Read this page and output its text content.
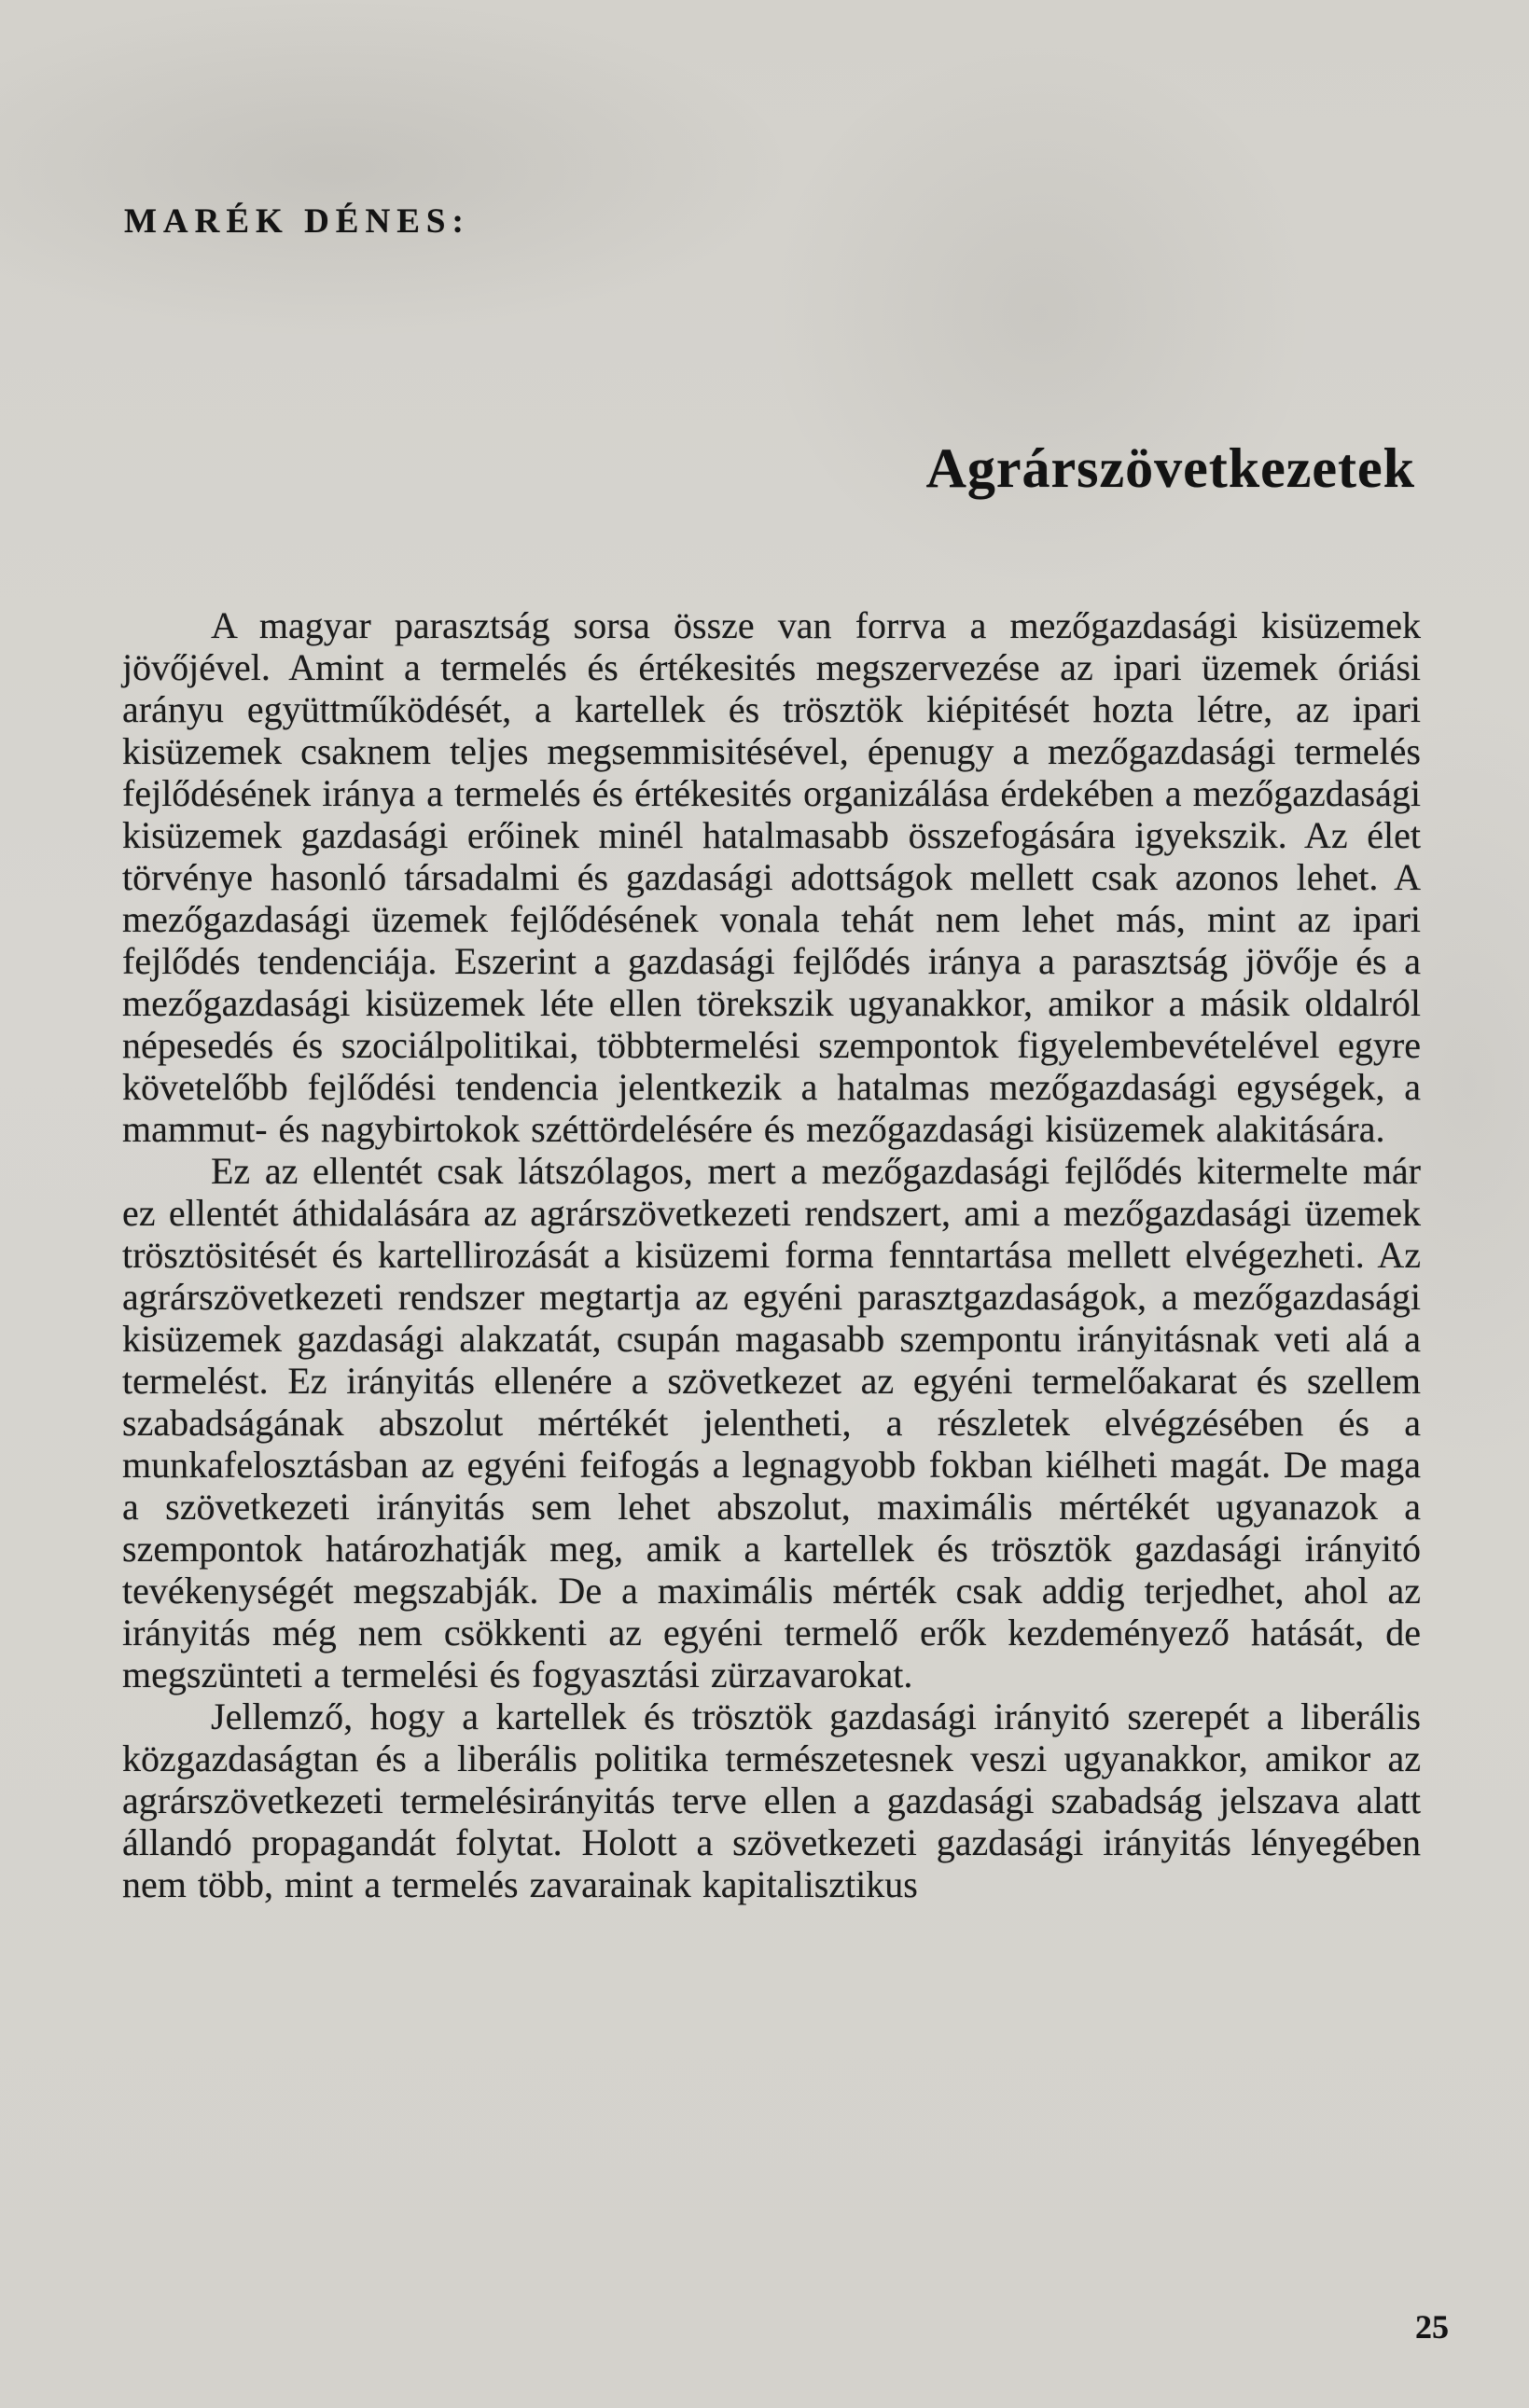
MARÉK DÉNES:
Agrárszövetkezetek

A magyar parasztság sorsa össze van forrva a mezőgazdasági kisüzemek jövőjével. Amint a termelés és értékesités megszervezése az ipari üzemek óriási arányu együttműködését, a kartellek és trösztök kiépitését hozta létre, az ipari kisüzemek csaknem teljes megsemmisitésével, épenugy a mezőgazdasági termelés fejlődésének iránya a termelés és értékesités organizálása érdekében a mezőgazdasági kisüzemek gazdasági erőinek minél hatalmasabb összefogására igyekszik. Az élet törvénye hasonló társadalmi és gazdasági adottságok mellett csak azonos lehet. A mezőgazdasági üzemek fejlődésének vonala tehát nem lehet más, mint az ipari fejlődés tendenciája. Eszerint a gazdasági fejlődés iránya a parasztság jövője és a mezőgazdasági kisüzemek léte ellen törekszik ugyanakkor, amikor a másik oldalról népesedés és szociálpolitikai, többtermelési szempontok figyelembevételével egyre követelőbb fejlődési tendencia jelentkezik a hatalmas mezőgazdasági egységek, a mammut- és nagybirtokok széttördelésére és mezőgazdasági kisüzemek alakitására.

Ez az ellentét csak látszólagos, mert a mezőgazdasági fejlődés kitermelte már ez ellentét áthidalására az agrárszövetkezeti rendszert, ami a mezőgazdasági üzemek trösztösitését és kartellirozását a kisüzemi forma fenntartása mellett elvégezheti. Az agrárszövetkezeti rendszer megtartja az egyéni parasztgazdaságok, a mezőgazdasági kisüzemek gazdasági alakzatát, csupán magasabb szempontu irányitásnak veti alá a termelést. Ez irányitás ellenére a szövetkezet az egyéni termelőakarat és szellem szabadságának abszolut mértékét jelentheti, a részletek elvégzésében és a munkafelosztásban az egyéni feifogás a legnagyobb fokban kiélheti magát. De maga a szövetkezeti irányitás sem lehet abszolut, maximális mértékét ugyanazok a szempontok határozhatják meg, amik a kartellek és trösztök gazdasági irányitó tevékenységét megszabják. De a maximális mérték csak addig terjedhet, ahol az irányitás még nem csökkenti az egyéni termelő erők kezdeményező hatását, de megszünteti a termelési és fogyasztási zürzavarokat.

Jellemző, hogy a kartellek és trösztök gazdasági irányitó szerepét a liberális közgazdaságtan és a liberális politika természetesnek veszi ugyanakkor, amikor az agrárszövetkezeti termelésirányitás terve ellen a gazdasági szabadság jelszava alatt állandó propagandát folytat. Holott a szövetkezeti gazdasági irányitás lényegében nem több, mint a termelés zavarainak kapitalisztikus

25
